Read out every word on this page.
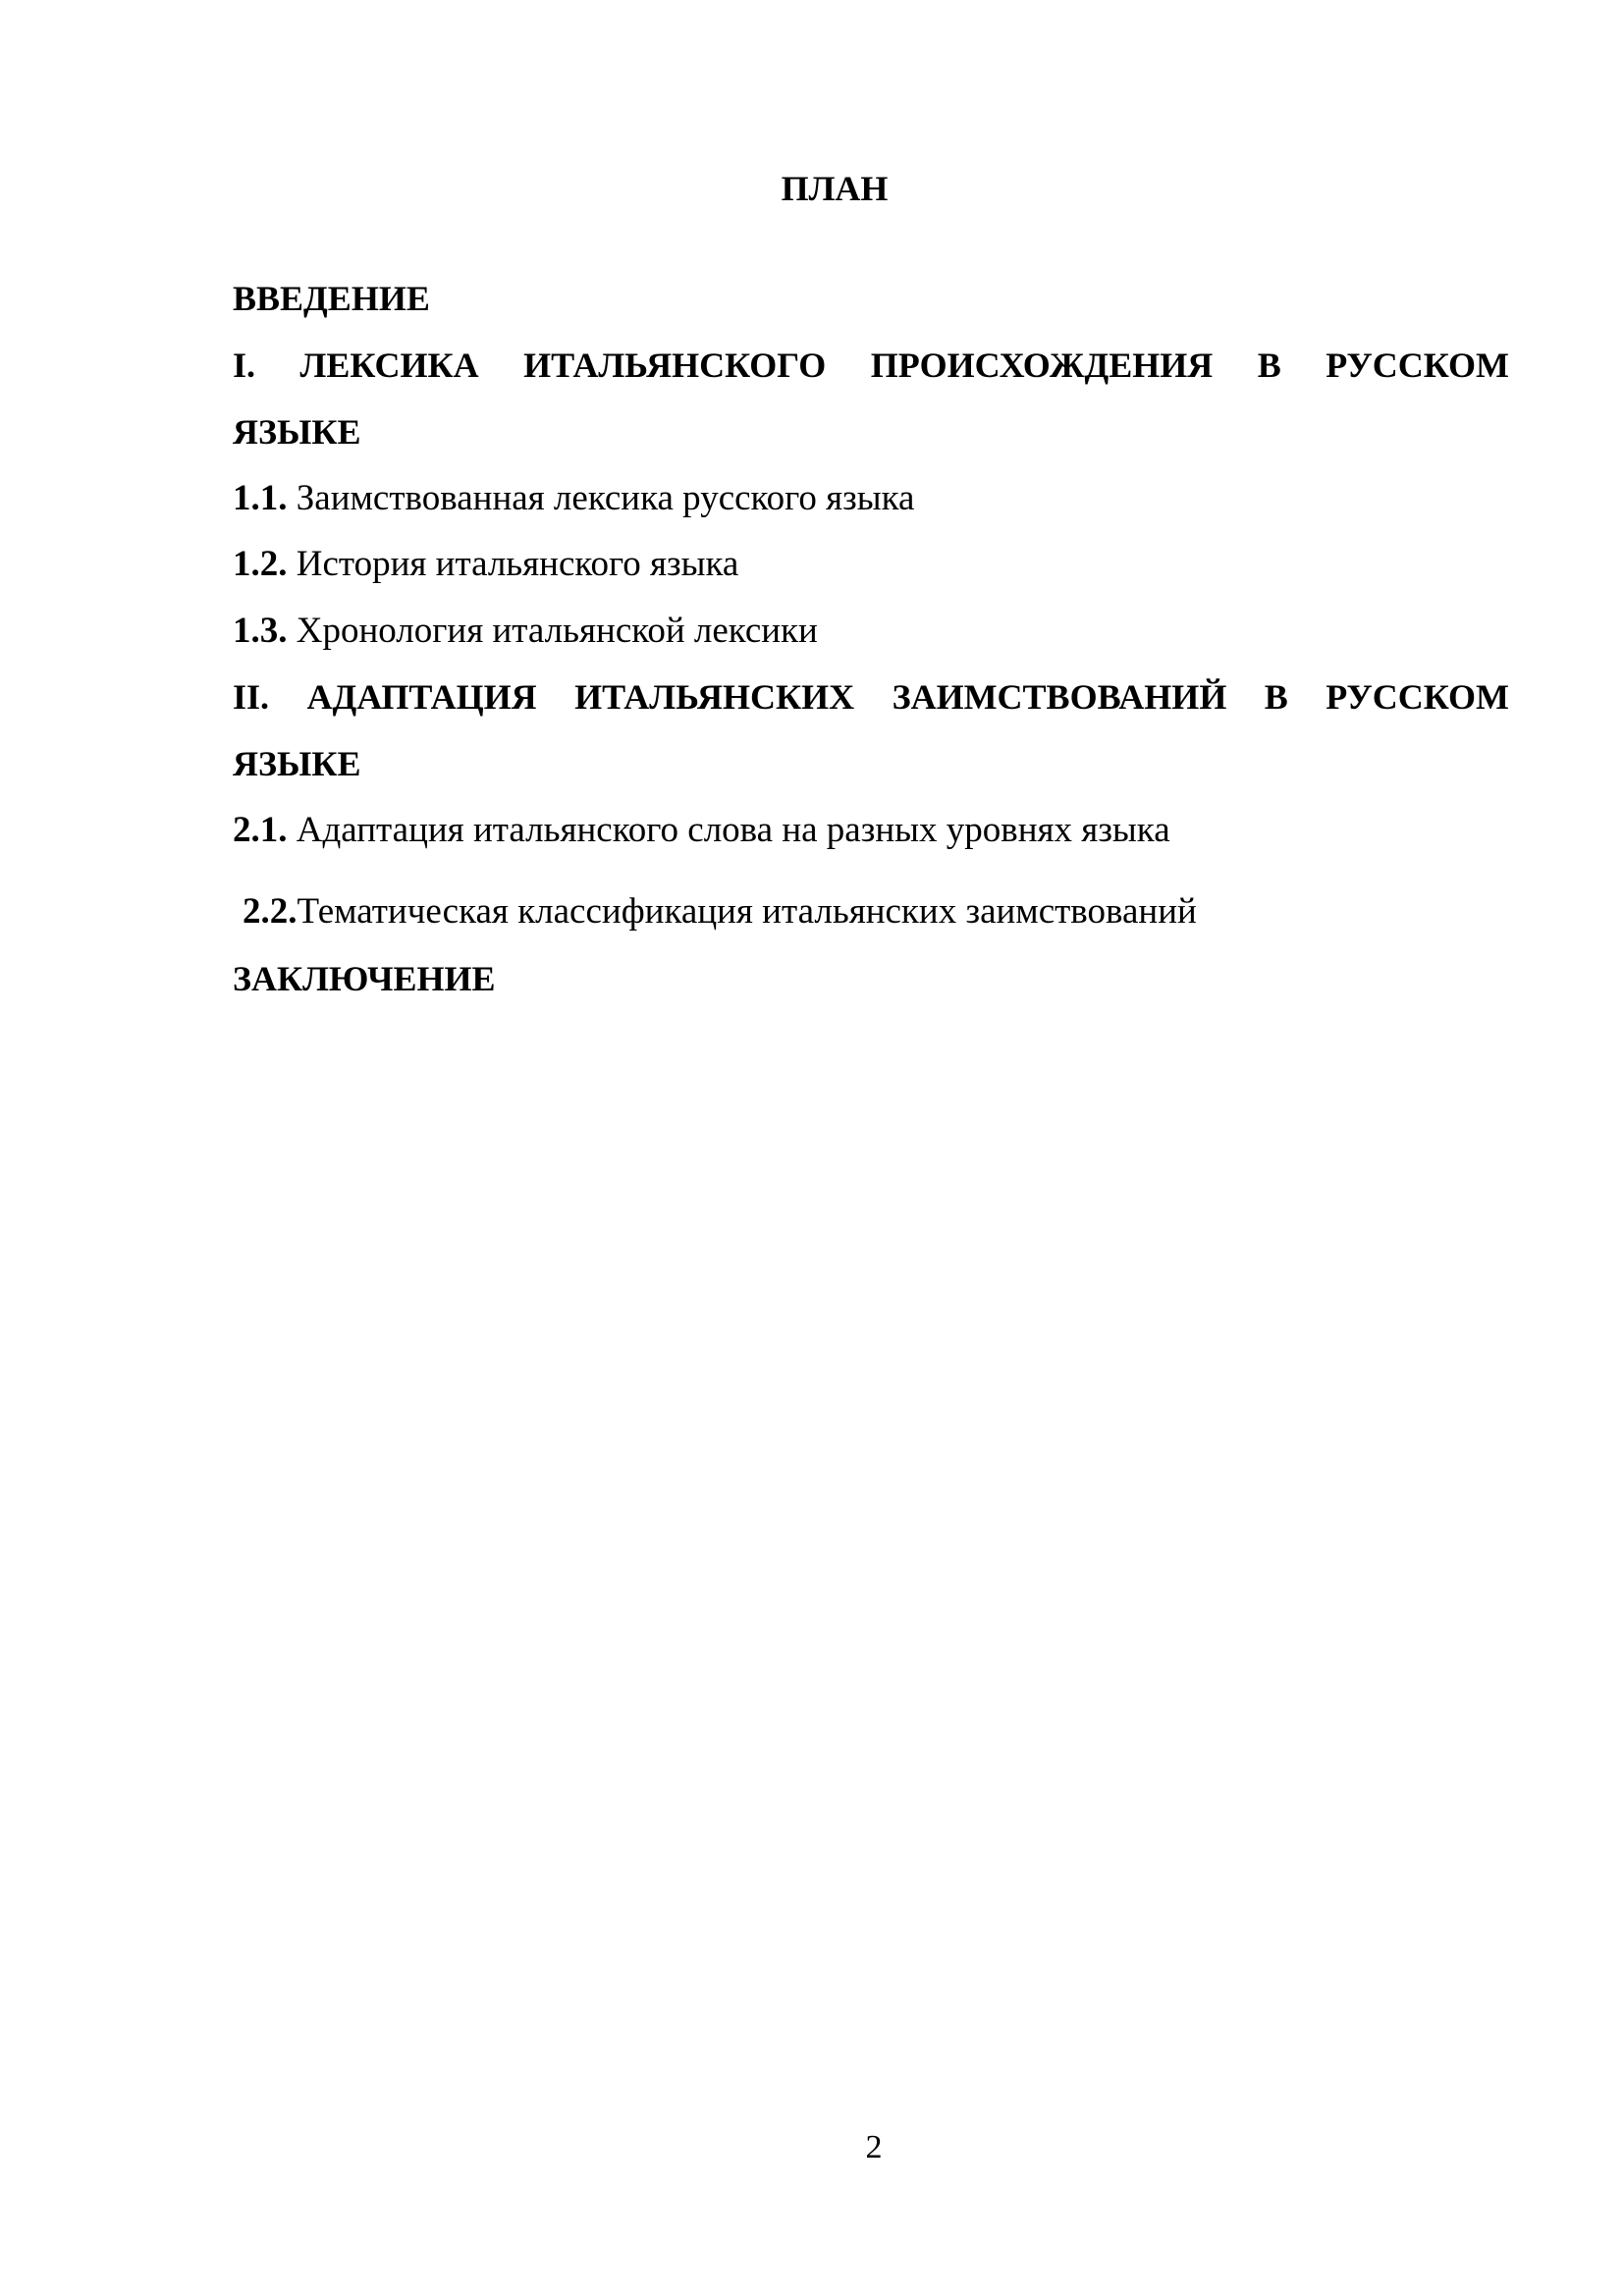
ПЛАН
ВВЕДЕНИЕ
I. ЛЕКСИКА ИТАЛЬЯНСКОГО ПРОИСХОЖДЕНИЯ В РУССКОМ
ЯЗЫКЕ
1.1. Заимствованная лексика русского языка
1.2. История итальянского языка
1.3. Хронология итальянской лексики
II. АДАПТАЦИЯ ИТАЛЬЯНСКИХ ЗАИМСТВОВАНИЙ В РУССКОМ
ЯЗЫКЕ
2.1. Адаптация итальянского слова на разных уровнях языка
2.2.Тематическая классификация итальянских заимствований
ЗАКЛЮЧЕНИЕ
2
